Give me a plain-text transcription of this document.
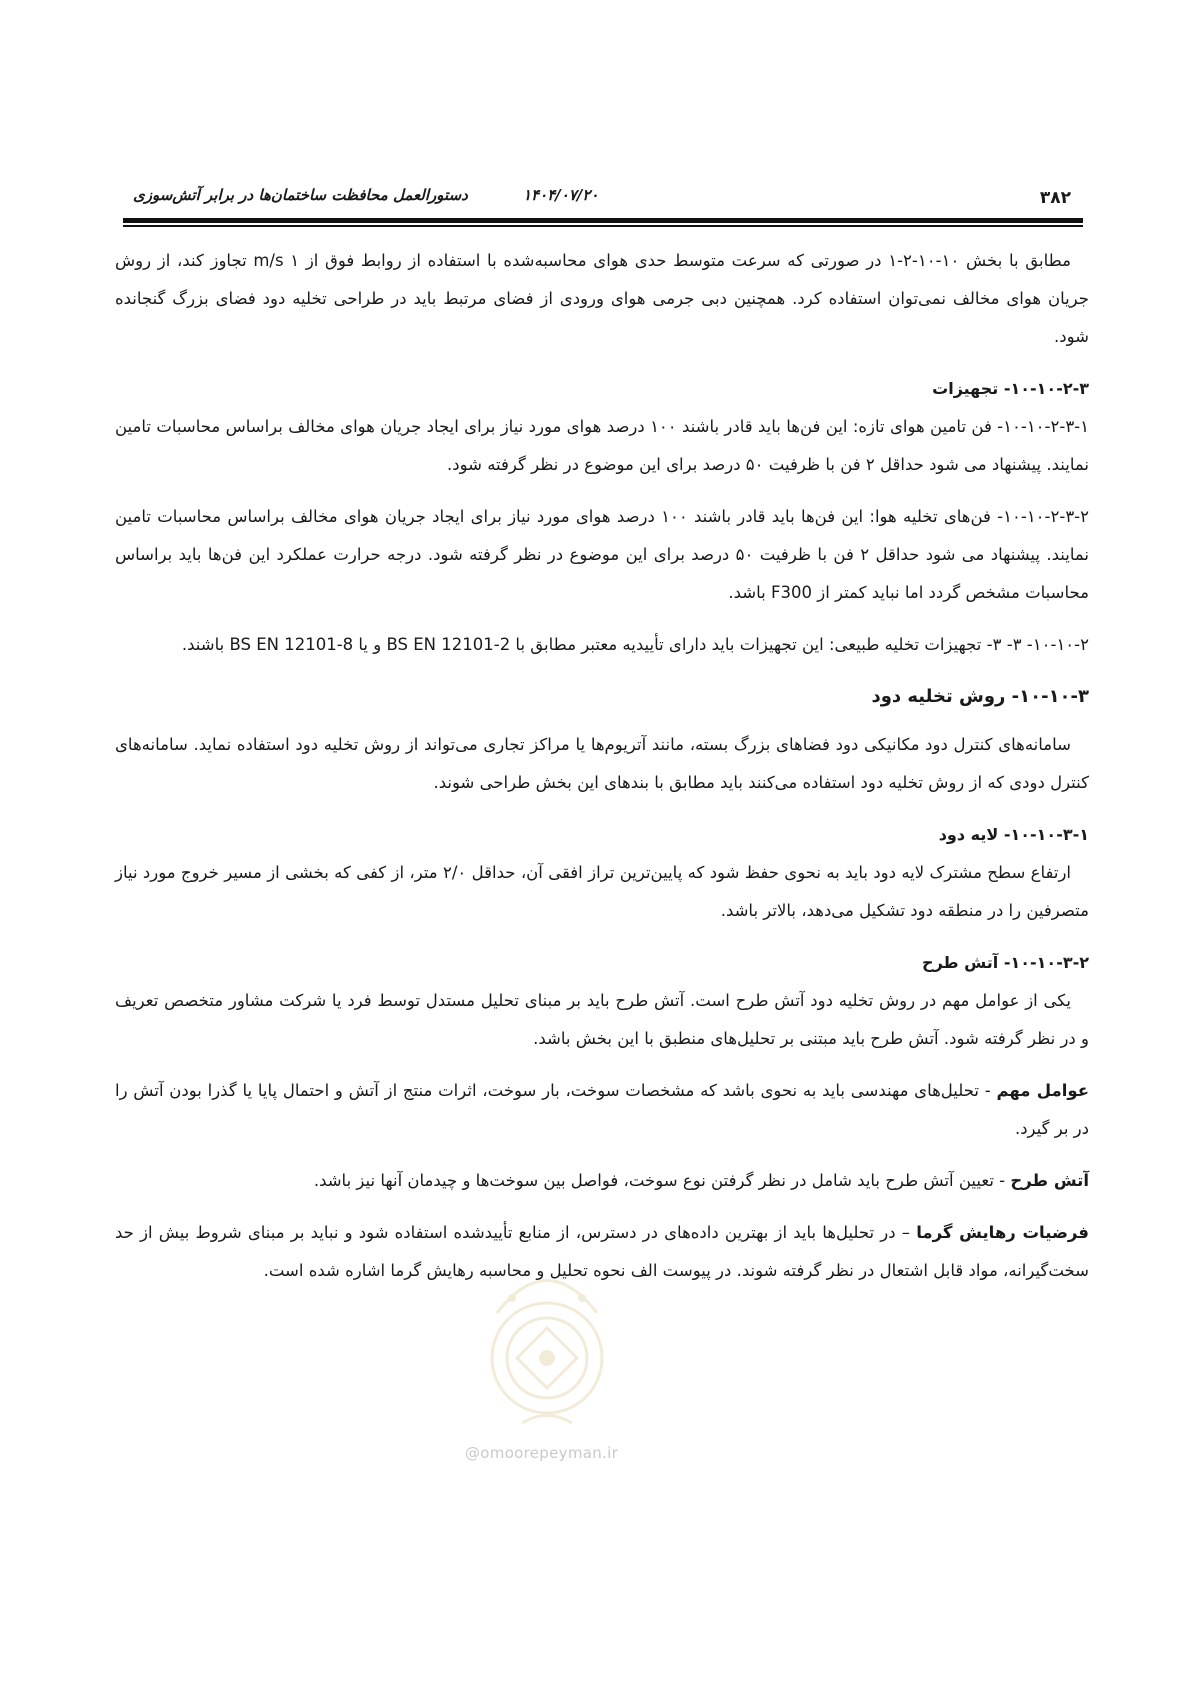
۳۸۲
۱۴۰۴/۰۷/۲۰
دستورالعمل محافظت ساختمان‌ها در برابر آتش‌سوزی

مطابق با بخش ۱۰-۱۰-۲-۱ در صورتی که سرعت متوسط حدی هوای محاسبه‌شده با استفاده از روابط فوق از m/s ۱ تجاوز کند، از روش جریان هوای مخالف نمی‌توان استفاده کرد. همچنین دبی جرمی هوای ورودی از فضای مرتبط باید در طراحی تخلیه دود فضای بزرگ گنجانده شود.

۱۰-۱۰-۲-۳- تجهیزات

۱۰-۱۰-۲-۳-۱- فن تامین هوای تازه: این فن‌ها باید قادر باشند ۱۰۰ درصد هوای مورد نیاز برای ایجاد جریان هوای مخالف براساس محاسبات تامین نمایند. پیشنهاد می شود حداقل ۲ فن با ظرفیت ۵۰ درصد برای این موضوع در نظر گرفته شود.

۱۰-۱۰-۲-۳-۲- فن‌های تخلیه هوا: این فن‌ها باید قادر باشند ۱۰۰ درصد هوای مورد نیاز برای ایجاد جریان هوای مخالف براساس محاسبات تامین نمایند. پیشنهاد می شود حداقل ۲ فن با ظرفیت ۵۰ درصد برای این موضوع در نظر گرفته شود. درجه حرارت عملکرد این فن‌ها باید براساس محاسبات مشخص گردد اما نباید کمتر از F300 باشد.

۱۰-۱۰-۲- ۳- ۳- تجهیزات تخلیه طبیعی: این تجهیزات باید دارای تأییدیه معتبر مطابق با BS EN 12101-2 و یا BS EN 12101-8 باشند.

۱۰-۱۰-۳- روش تخلیه دود

سامانه‌های کنترل دود مکانیکی دود فضاهای بزرگ بسته، مانند آتریوم‌ها یا مراکز تجاری می‌تواند از روش تخلیه دود استفاده نماید. سامانه‌های کنترل دودی که از روش تخلیه دود استفاده می‌کنند باید مطابق با بندهای این بخش طراحی شوند.

۱۰-۱۰-۳-۱- لایه دود

ارتفاع سطح مشترک لایه دود باید به نحوی حفظ شود که پایین‌ترین تراز افقی آن، حداقل ۲/۰ متر، از کفی که بخشی از مسیر خروج مورد نیاز متصرفین را در منطقه دود تشکیل می‌دهد، بالاتر باشد.

۱۰-۱۰-۳-۲- آتش طرح

یکی از عوامل مهم در روش تخلیه دود آتش طرح است. آتش طرح باید بر مبنای تحلیل مستدل توسط فرد یا شرکت مشاور متخصص تعریف و در نظر گرفته شود. آتش طرح باید مبتنی بر تحلیل‌های منطبق با این بخش باشد.

عوامل مهم - تحلیل‌های مهندسی باید به نحوی باشد که مشخصات سوخت، بار سوخت، اثرات منتج از آتش و احتمال پایا یا گذرا بودن آتش را در بر گیرد.

آتش طرح - تعیین آتش طرح باید شامل در نظر گرفتن نوع سوخت، فواصل بین سوخت‌ها و چیدمان آنها نیز باشد.

فرضیات رهایش گرما – در تحلیل‌ها باید از بهترین داده‌های در دسترس، از منابع تأییدشده استفاده شود و نباید بر مبنای شروط بیش از حد سخت‌گیرانه، مواد قابل اشتعال در نظر گرفته شوند. در پیوست الف نحوه تحلیل و محاسبه رهایش گرما اشاره شده است.

@omoorepeyman.ir
